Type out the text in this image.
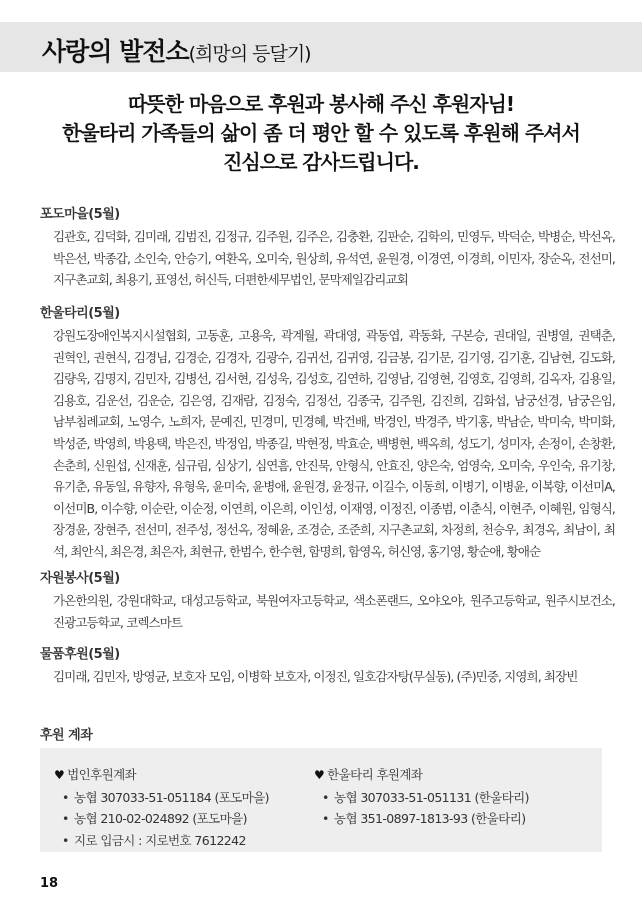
사랑의 발전소(희망의 등달기)
따뜻한 마음으로 후원과 봉사해 주신 후원자님!
한울타리 가족들의 삶이 좀 더 평안 할 수 있도록 후원해 주셔서
진심으로 감사드립니다.
포도마을(5월)
김관호, 김덕화, 김미래, 김범진, 김정규, 김주원, 김주은, 김충환, 김판순, 김학의, 민영두, 박덕순, 박병순, 박선옥, 박은선, 박종갑, 소인숙, 안승기, 여환옥, 오미숙, 원상희, 유석연, 윤원경, 이경연, 이경희, 이민자, 장순옥, 전선미, 지구촌교회, 최용기, 표영선, 허신득, 더편한세무법인, 문막제일감리교회
한울타리(5월)
강원도장애인복지시설협회, 고동훈, 고용욱, 곽계월, 곽대영, 곽동엽, 곽동화, 구본승, 권대일, 권병열, 권택춘, 권혁인, 권현식, 김경님, 김경순, 김경자, 김광수, 김귀선, 김귀영, 김금봉, 김기문, 김기영, 김기훈, 김남현, 김도화, 김량욱, 김명지, 김민자, 김병선, 김서현, 김성욱, 김성호, 김연하, 김영남, 김영현, 김영호, 김영희, 김옥자, 김용일, 김용호, 김운선, 김운순, 김은영, 김재람, 김정숙, 김정선, 김종국, 김주원, 김진희, 김화섭, 남궁선경, 남궁은임, 남부침례교회, 노영수, 노희자, 문예진, 민경미, 민경혜, 박건배, 박경인, 박경주, 박기홍, 박남순, 박미숙, 박미화, 박성준, 박영희, 박용택, 박은진, 박정임, 박종길, 박현정, 박효순, 백병현, 백옥희, 성도기, 성미자, 손정이, 손창환, 손춘희, 신원섭, 신재훈, 심규림, 심상기, 심연흠, 안진묵, 안형식, 안효진, 양은숙, 엄영숙, 오미숙, 우인숙, 유기창, 유기춘, 유동일, 유향자, 유형욱, 윤미숙, 윤병애, 윤원경, 윤정규, 이길수, 이동희, 이병기, 이병윤, 이복향, 이선미A, 이선미B, 이수향, 이순란, 이순정, 이연희, 이은희, 이인성, 이재영, 이정진, 이종범, 이춘식, 이현주, 이혜원, 임형식, 장경윤, 장현주, 전선미, 전주성, 정선옥, 정혜윤, 조경순, 조준희, 지구촌교회, 차정희, 천승우, 최경옥, 최남이, 최 석, 최안식, 최은경, 최은자, 최현규, 한범수, 한수현, 함명희, 함영옥, 허신영, 홍기영, 황순애, 황애순
자원봉사(5월)
가온한의원, 강원대학교, 대성고등학교, 북원여자고등학교, 색소폰랜드, 오야오야, 원주고등학교, 원주시보건소, 진광고등학교, 코렉스마트
물품후원(5월)
김미래, 김민자, 방영균, 보호자 모임, 이병학 보호자, 이정진, 일호감자탕(무실동), (주)민중, 지영희, 최장빈
후원 계좌
♥ 법인후원계좌
• 농협 307033-51-051184 (포도마을)
• 농협 210-02-024892 (포도마을)
• 지로 입금시 : 지로번호 7612242
♥ 한울타리 후원계좌
• 농협 307033-51-051131 (한울타리)
• 농협 351-0897-1813-93 (한울타리)
18
